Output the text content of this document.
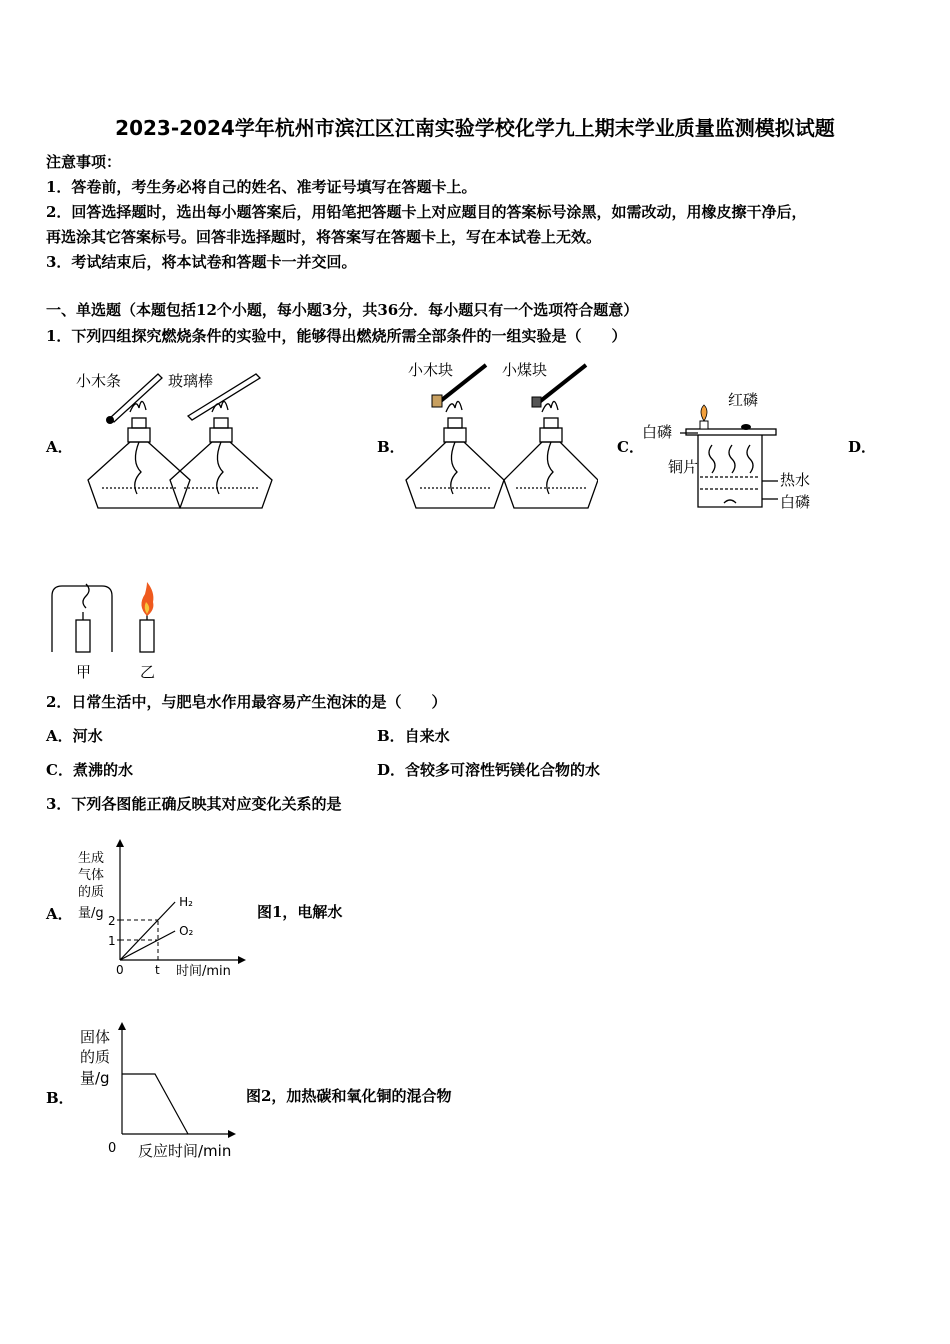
2023-2024学年杭州市滨江区江南实验学校化学九上期末学业质量监测模拟试题
注意事项：
1．答卷前，考生务必将自己的姓名、准考证号填写在答题卡上。
2．回答选择题时，选出每小题答案后，用铅笔把答题卡上对应题目的答案标号涂黑，如需改动，用橡皮擦干净后，
再选涂其它答案标号。回答非选择题时，将答案写在答题卡上，写在本试卷上无效。
3．考试结束后，将本试卷和答题卡一并交回。
一、单选题（本题包括12个小题，每小题3分，共36分．每小题只有一个选项符合题意）
1．下列四组探究燃烧条件的实验中，能够得出燃烧所需全部条件的一组实验是（　　）
A．	B．	C．	D．
小木条	玻璃棒
小木块	小煤块
红磷
白磷
铜片
热水
白磷
甲	乙
2．日常生活中，与肥皂水作用最容易产生泡沫的是（　　）
A．河水	B．自来水
C．煮沸的水	D．含较多可溶性钙镁化合物的水
3．下列各图能正确反映其对应变化关系的是
A．	图1，电解水
生成
气体
的质
量/g
时间/min
H₂
O₂
2
1
0	t
B．	图2，加热碳和氧化铜的混合物
固体
的质
量/g
0 反应时间/min
